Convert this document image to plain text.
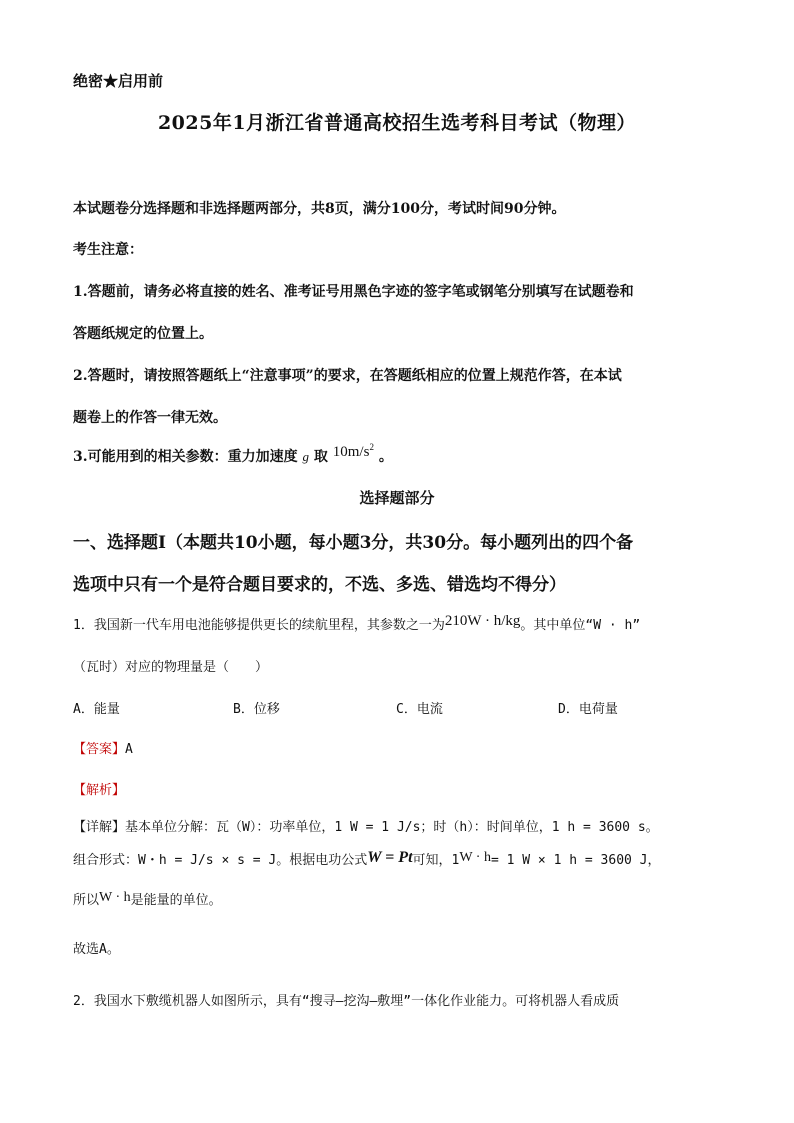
绝密★启用前
2025年1月浙江省普通高校招生选考科目考试（物理）
本试题卷分选择题和非选择题两部分，共8页，满分100分，考试时间90分钟。
考生注意：
1.答题前，请务必将直接的姓名、准考证号用黑色字迹的签字笔或钢笔分别填写在试题卷和
答题纸规定的位置上。
2.答题时，请按照答题纸上“注意事项”的要求，在答题纸相应的位置上规范作答，在本试
题卷上的作答一律无效。
3.可能用到的相关参数：重力加速度 g 取 $10m/s^2$ 。
选择题部分
一、选择题Ⅰ（本题共10小题，每小题3分，共30分。每小题列出的四个备
选项中只有一个是符合题目要求的，不选、多选、错选均不得分）
1．我国新一代车用电池能够提供更长的续航里程，其参数之一为210W · h/kg。其中单位“W · h”
（瓦时）对应的物理量是（　　）
A．能量	B．位移	C．电流	D．电荷量
【答案】A
【解析】
【详解】基本单位分解：瓦（W）：功率单位，1 W = 1 J/s；时（h）：时间单位，1 h = 3600 s。
组合形式：W・h = J/s × s = J。根据电功公式W = Pt可知，1W · h= 1 W × 1 h = 3600 J，
所以W · h是能量的单位。
故选A。
2．我国水下敷缆机器人如图所示，具有“搜寻—挖沟—敷埋”一体化作业能力。可将机器人看成质
